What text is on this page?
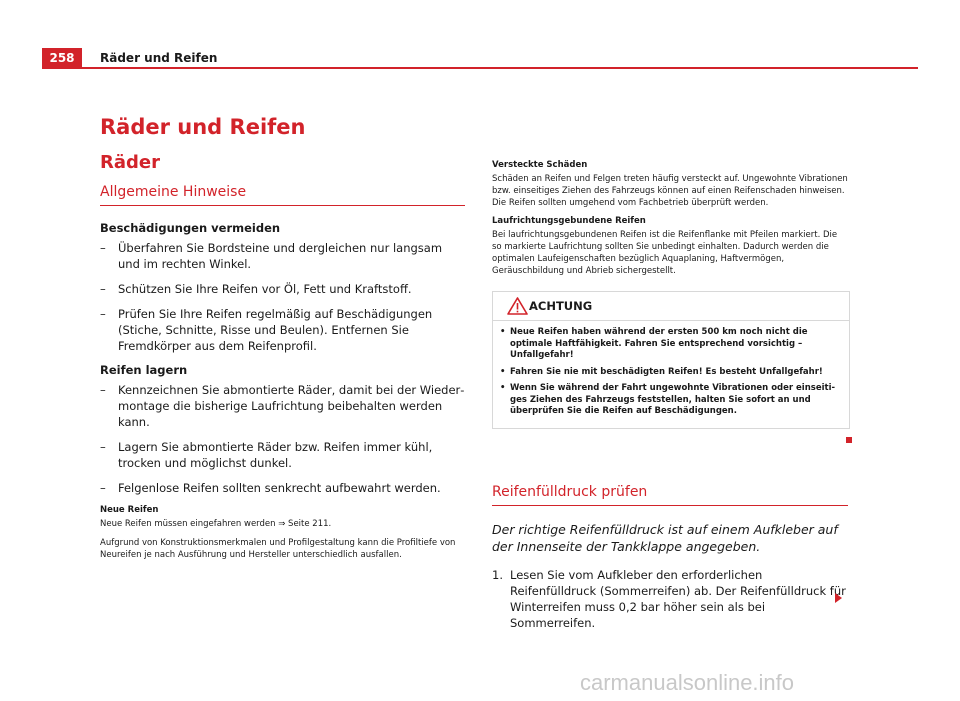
258	Räder und Reifen
Räder und Reifen
Räder
Allgemeine Hinweise
Beschädigungen vermeiden
– Überfahren Sie Bordsteine und dergleichen nur langsam und im rechten Winkel.
– Schützen Sie Ihre Reifen vor Öl, Fett und Kraftstoff.
– Prüfen Sie Ihre Reifen regelmäßig auf Beschädigungen (Stiche, Schnitte, Risse und Beulen). Entfernen Sie Fremdkörper aus dem Reifenprofil.
Reifen lagern
– Kennzeichnen Sie abmontierte Räder, damit bei der Wiedermontage die bisherige Laufrichtung beibehalten werden kann.
– Lagern Sie abmontierte Räder bzw. Reifen immer kühl, trocken und möglichst dunkel.
– Felgenlose Reifen sollten senkrecht aufbewahrt werden.
Neue Reifen

Neue Reifen müssen eingefahren werden ⇒ Seite 211.

Aufgrund von Konstruktionsmerkmalen und Profilgestaltung kann die Profiltiefe von Neureifen je nach Ausführung und Hersteller unterschiedlich ausfallen.

Versteckte Schäden

Schäden an Reifen und Felgen treten häufig versteckt auf. Ungewohnte Vibrationen bzw. einseitiges Ziehen des Fahrzeugs können auf einen Reifenschaden hinweisen. Die Reifen sollten umgehend vom Fachbetrieb überprüft werden.

Laufrichtungsgebundene Reifen

Bei laufrichtungsgebundenen Reifen ist die Reifenflanke mit Pfeilen markiert. Die so markierte Laufrichtung sollten Sie unbedingt einhalten. Dadurch werden die optimalen Laufeigenschaften bezüglich Aquaplaning, Haftvermögen, Geräuschbildung und Abrieb sichergestellt.

ACHTUNG
• Neue Reifen haben während der ersten 500 km noch nicht die optimale Haftfähigkeit. Fahren Sie entsprechend vorsichtig – Unfallgefahr!
• Fahren Sie nie mit beschädigten Reifen! Es besteht Unfallgefahr!
• Wenn Sie während der Fahrt ungewohnte Vibrationen oder einseitiges Ziehen des Fahrzeugs feststellen, halten Sie sofort an und überprüfen Sie die Reifen auf Beschädigungen.
Reifenfülldruck prüfen

Der richtige Reifenfülldruck ist auf einem Aufkleber auf der Innenseite der Tankklappe angegeben.

1. Lesen Sie vom Aufkleber den erforderlichen Reifenfülldruck (Sommerreifen) ab. Der Reifenfülldruck für Winterreifen muss 0,2 bar höher sein als bei Sommerreifen.
carmanualsonline.info
